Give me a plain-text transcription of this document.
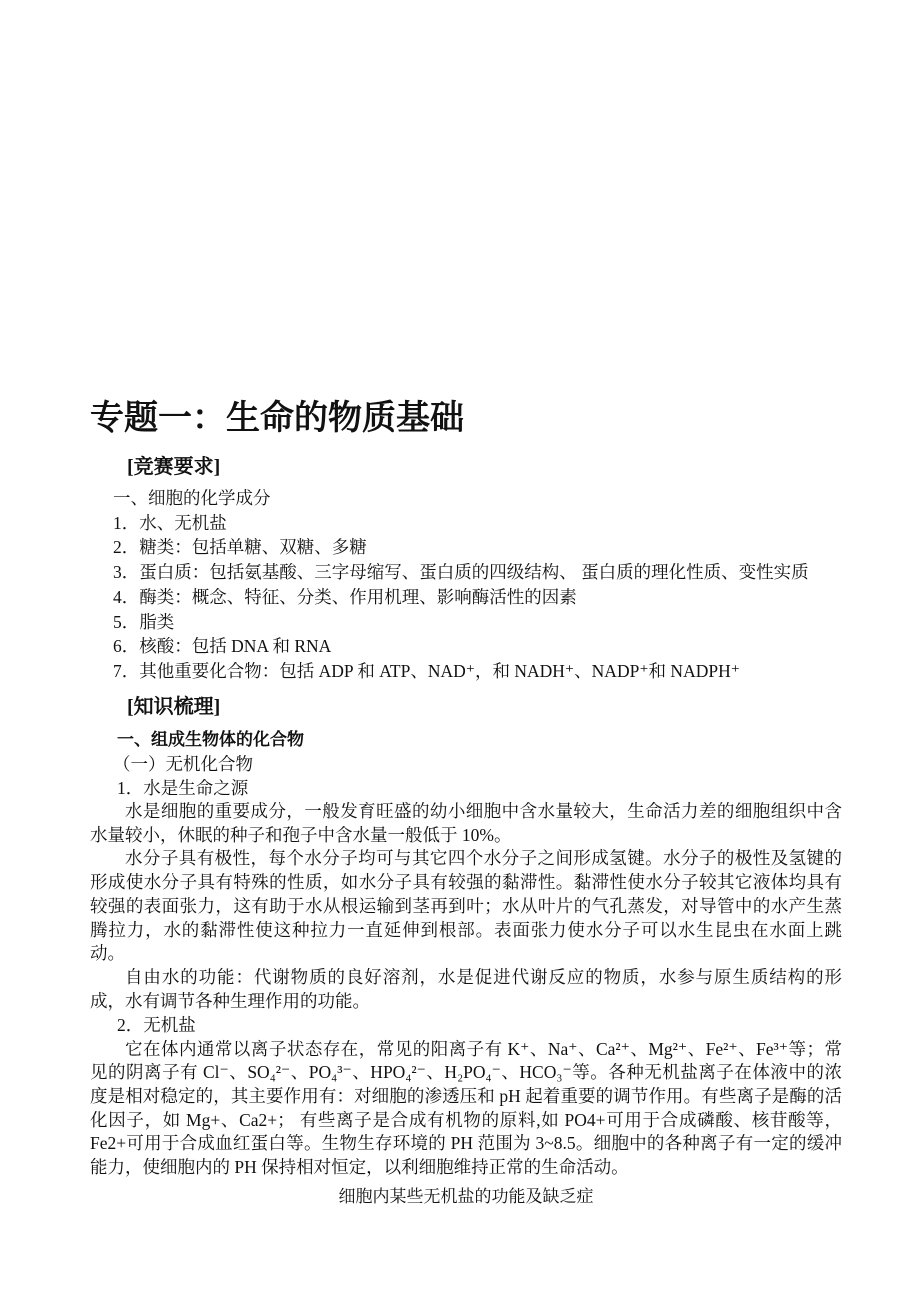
专题一：生命的物质基础
[竞赛要求]
一、细胞的化学成分
1．水、无机盐
2．糖类：包括单糖、双糖、多糖
3．蛋白质：包括氨基酸、三字母缩写、蛋白质的四级结构、 蛋白质的理化性质、变性实质
4．酶类：概念、特征、分类、作用机理、影响酶活性的因素
5．脂类
6．核酸：包括 DNA 和 RNA
7．其他重要化合物：包括 ADP 和 ATP、NAD⁺，和 NADH⁺、NADP⁺和 NADPH⁺
[知识梳理]
一、组成生物体的化合物
（一）无机化合物
1．水是生命之源

水是细胞的重要成分，一般发育旺盛的幼小细胞中含水量较大，生命活力差的细胞组织中含水量较小，休眠的种子和孢子中含水量一般低于 10%。

水分子具有极性，每个水分子均可与其它四个水分子之间形成氢键。水分子的极性及氢键的形成使水分子具有特殊的性质，如水分子具有较强的黏滞性。黏滞性使水分子较其它液体均具有较强的表面张力，这有助于水从根运输到茎再到叶；水从叶片的气孔蒸发，对导管中的水产生蒸腾拉力，水的黏滞性使这种拉力一直延伸到根部。表面张力使水分子可以水生昆虫在水面上跳动。

自由水的功能：代谢物质的良好溶剂，水是促进代谢反应的物质，水参与原生质结构的形成，水有调节各种生理作用的功能。

2．无机盐

它在体内通常以离子状态存在，常见的阳离子有 K⁺、Na⁺、Ca²⁺、Mg²⁺、Fe²⁺、Fe³⁺等；常见的阴离子有 Cl⁻、SO₄²⁻、PO₄³⁻、HPO₄²⁻、H₂PO₄⁻、HCO₃⁻等。各种无机盐离子在体液中的浓度是相对稳定的，其主要作用有：对细胞的渗透压和 pH 起着重要的调节作用。有些离子是酶的活化因子，如 Mg+、Ca2+； 有些离子是合成有机物的原料,如 PO4+可用于合成磷酸、核苷酸等，Fe2+可用于合成血红蛋白等。生物生存环境的 PH 范围为 3~8.5。细胞中的各种离子有一定的缓冲能力，使细胞内的 PH 保持相对恒定，以利细胞维持正常的生命活动。

细胞内某些无机盐的功能及缺乏症
